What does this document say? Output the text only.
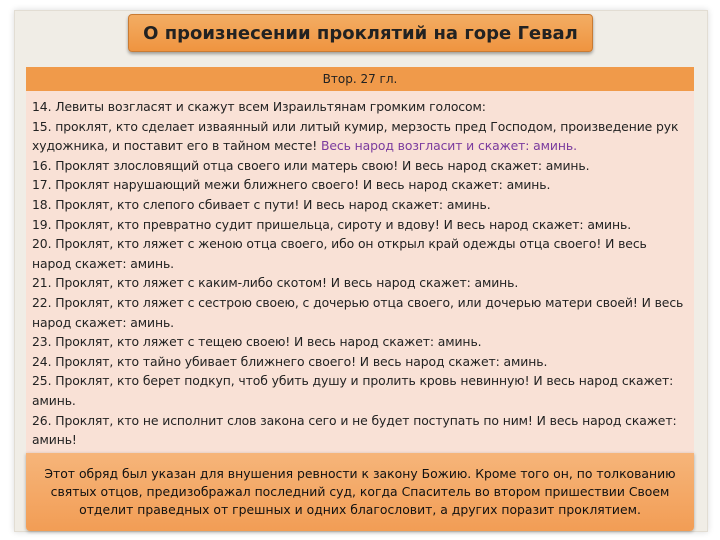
О произнесении проклятий на горе Гевал
Втор. 27 гл.

14. Левиты возгласят и скажут всем Израильтянам громким голосом:

15. проклят, кто сделает изваянный или литый кумир, мерзость пред Господом, произведение рук художника, и поставит его в тайном месте! Весь народ возгласит и скажет: аминь.

16. Проклят злословящий отца своего или матерь свою! И весь народ скажет: аминь.

17. Проклят нарушающий межи ближнего своего! И весь народ скажет: аминь.

18. Проклят, кто слепого сбивает с пути! И весь народ скажет: аминь.

19. Проклят, кто превратно судит пришельца, сироту и вдову! И весь народ скажет: аминь.

20. Проклят, кто ляжет с женою отца своего, ибо он открыл край одежды отца своего! И весь народ скажет: аминь.

21. Проклят, кто ляжет с каким-либо скотом! И весь народ скажет: аминь.

22. Проклят, кто ляжет с сестрою своею, с дочерью отца своего, или дочерью матери своей! И весь народ скажет: аминь.

23. Проклят, кто ляжет с тещею своею! И весь народ скажет: аминь.

24. Проклят, кто тайно убивает ближнего своего! И весь народ скажет: аминь.

25. Проклят, кто берет подкуп, чтоб убить душу и пролить кровь невинную! И весь народ скажет: аминь.

26. Проклят, кто не исполнит слов закона сего и не будет поступать по ним! И весь народ скажет: аминь!

Этот обряд был указан для внушения ревности к закону Божию. Кроме того он, по толкованию святых отцов, предизображал последний суд, когда Спаситель во втором пришествии Своем отделит праведных от грешных и одних благословит, а других поразит проклятием.
